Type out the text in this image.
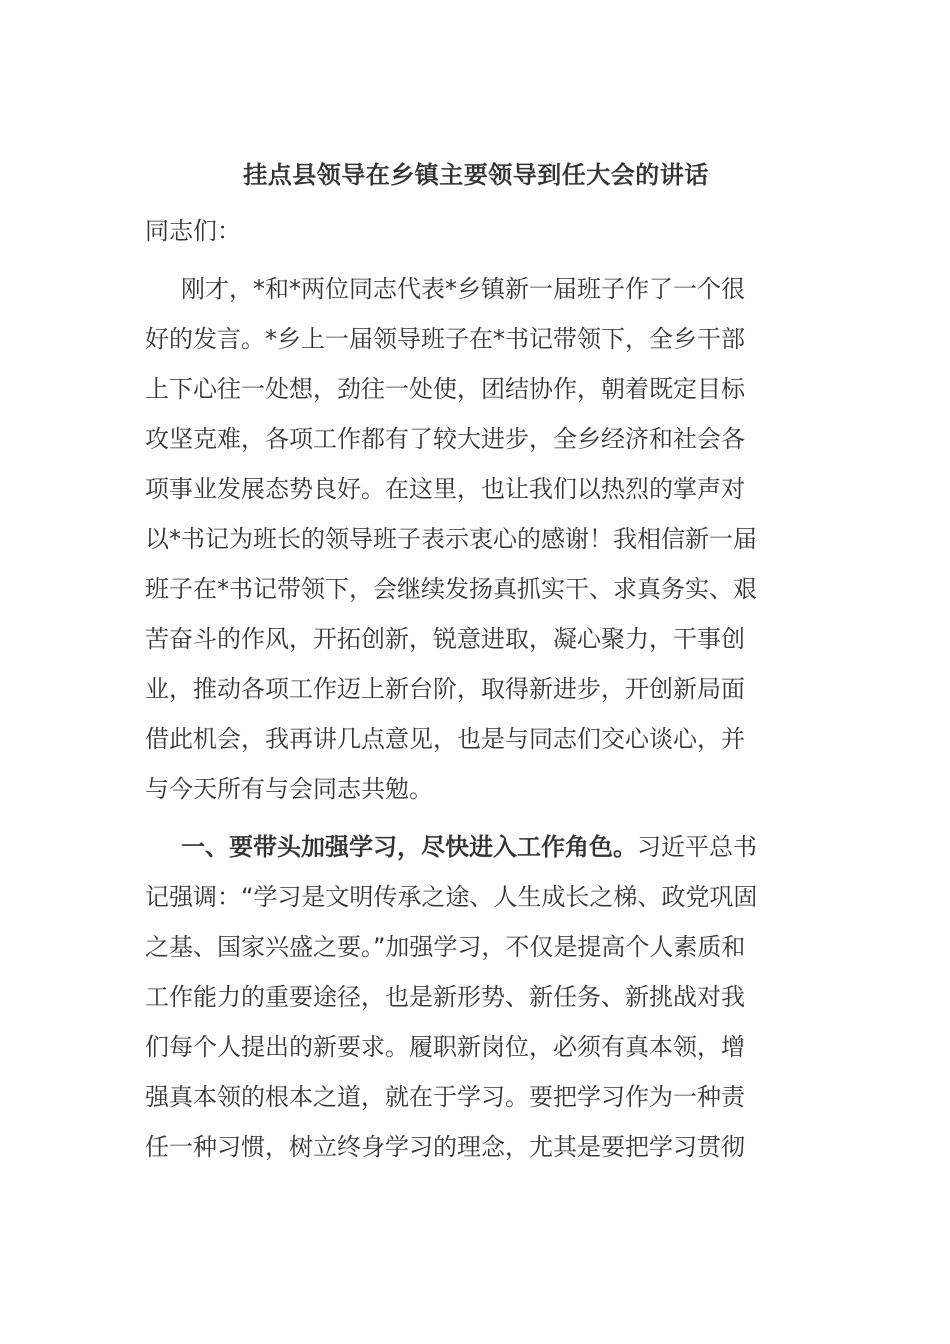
挂点县领导在乡镇主要领导到任大会的讲话
同志们：
刚才，*和*两位同志代表*乡镇新一届班子作了一个很
好的发言。*乡上一届领导班子在*书记带领下，全乡干部
上下心往一处想，劲往一处使，团结协作，朝着既定目标
攻坚克难，各项工作都有了较大进步，全乡经济和社会各
项事业发展态势良好。在这里，也让我们以热烈的掌声对
以*书记为班长的领导班子表示衷心的感谢！我相信新一届
班子在*书记带领下，会继续发扬真抓实干、求真务实、艰
苦奋斗的作风，开拓创新，锐意进取，凝心聚力，干事创
业，推动各项工作迈上新台阶，取得新进步，开创新局面
借此机会，我再讲几点意见，也是与同志们交心谈心，并
与今天所有与会同志共勉。
一、要带头加强学习，尽快进入工作角色。习近平总书
记强调：“学习是文明传承之途、人生成长之梯、政党巩固
之基、国家兴盛之要。”加强学习，不仅是提高个人素质和
工作能力的重要途径，也是新形势、新任务、新挑战对我
们每个人提出的新要求。履职新岗位，必须有真本领，增
强真本领的根本之道，就在于学习。要把学习作为一种责
任一种习惯，树立终身学习的理念，尤其是要把学习贯彻
